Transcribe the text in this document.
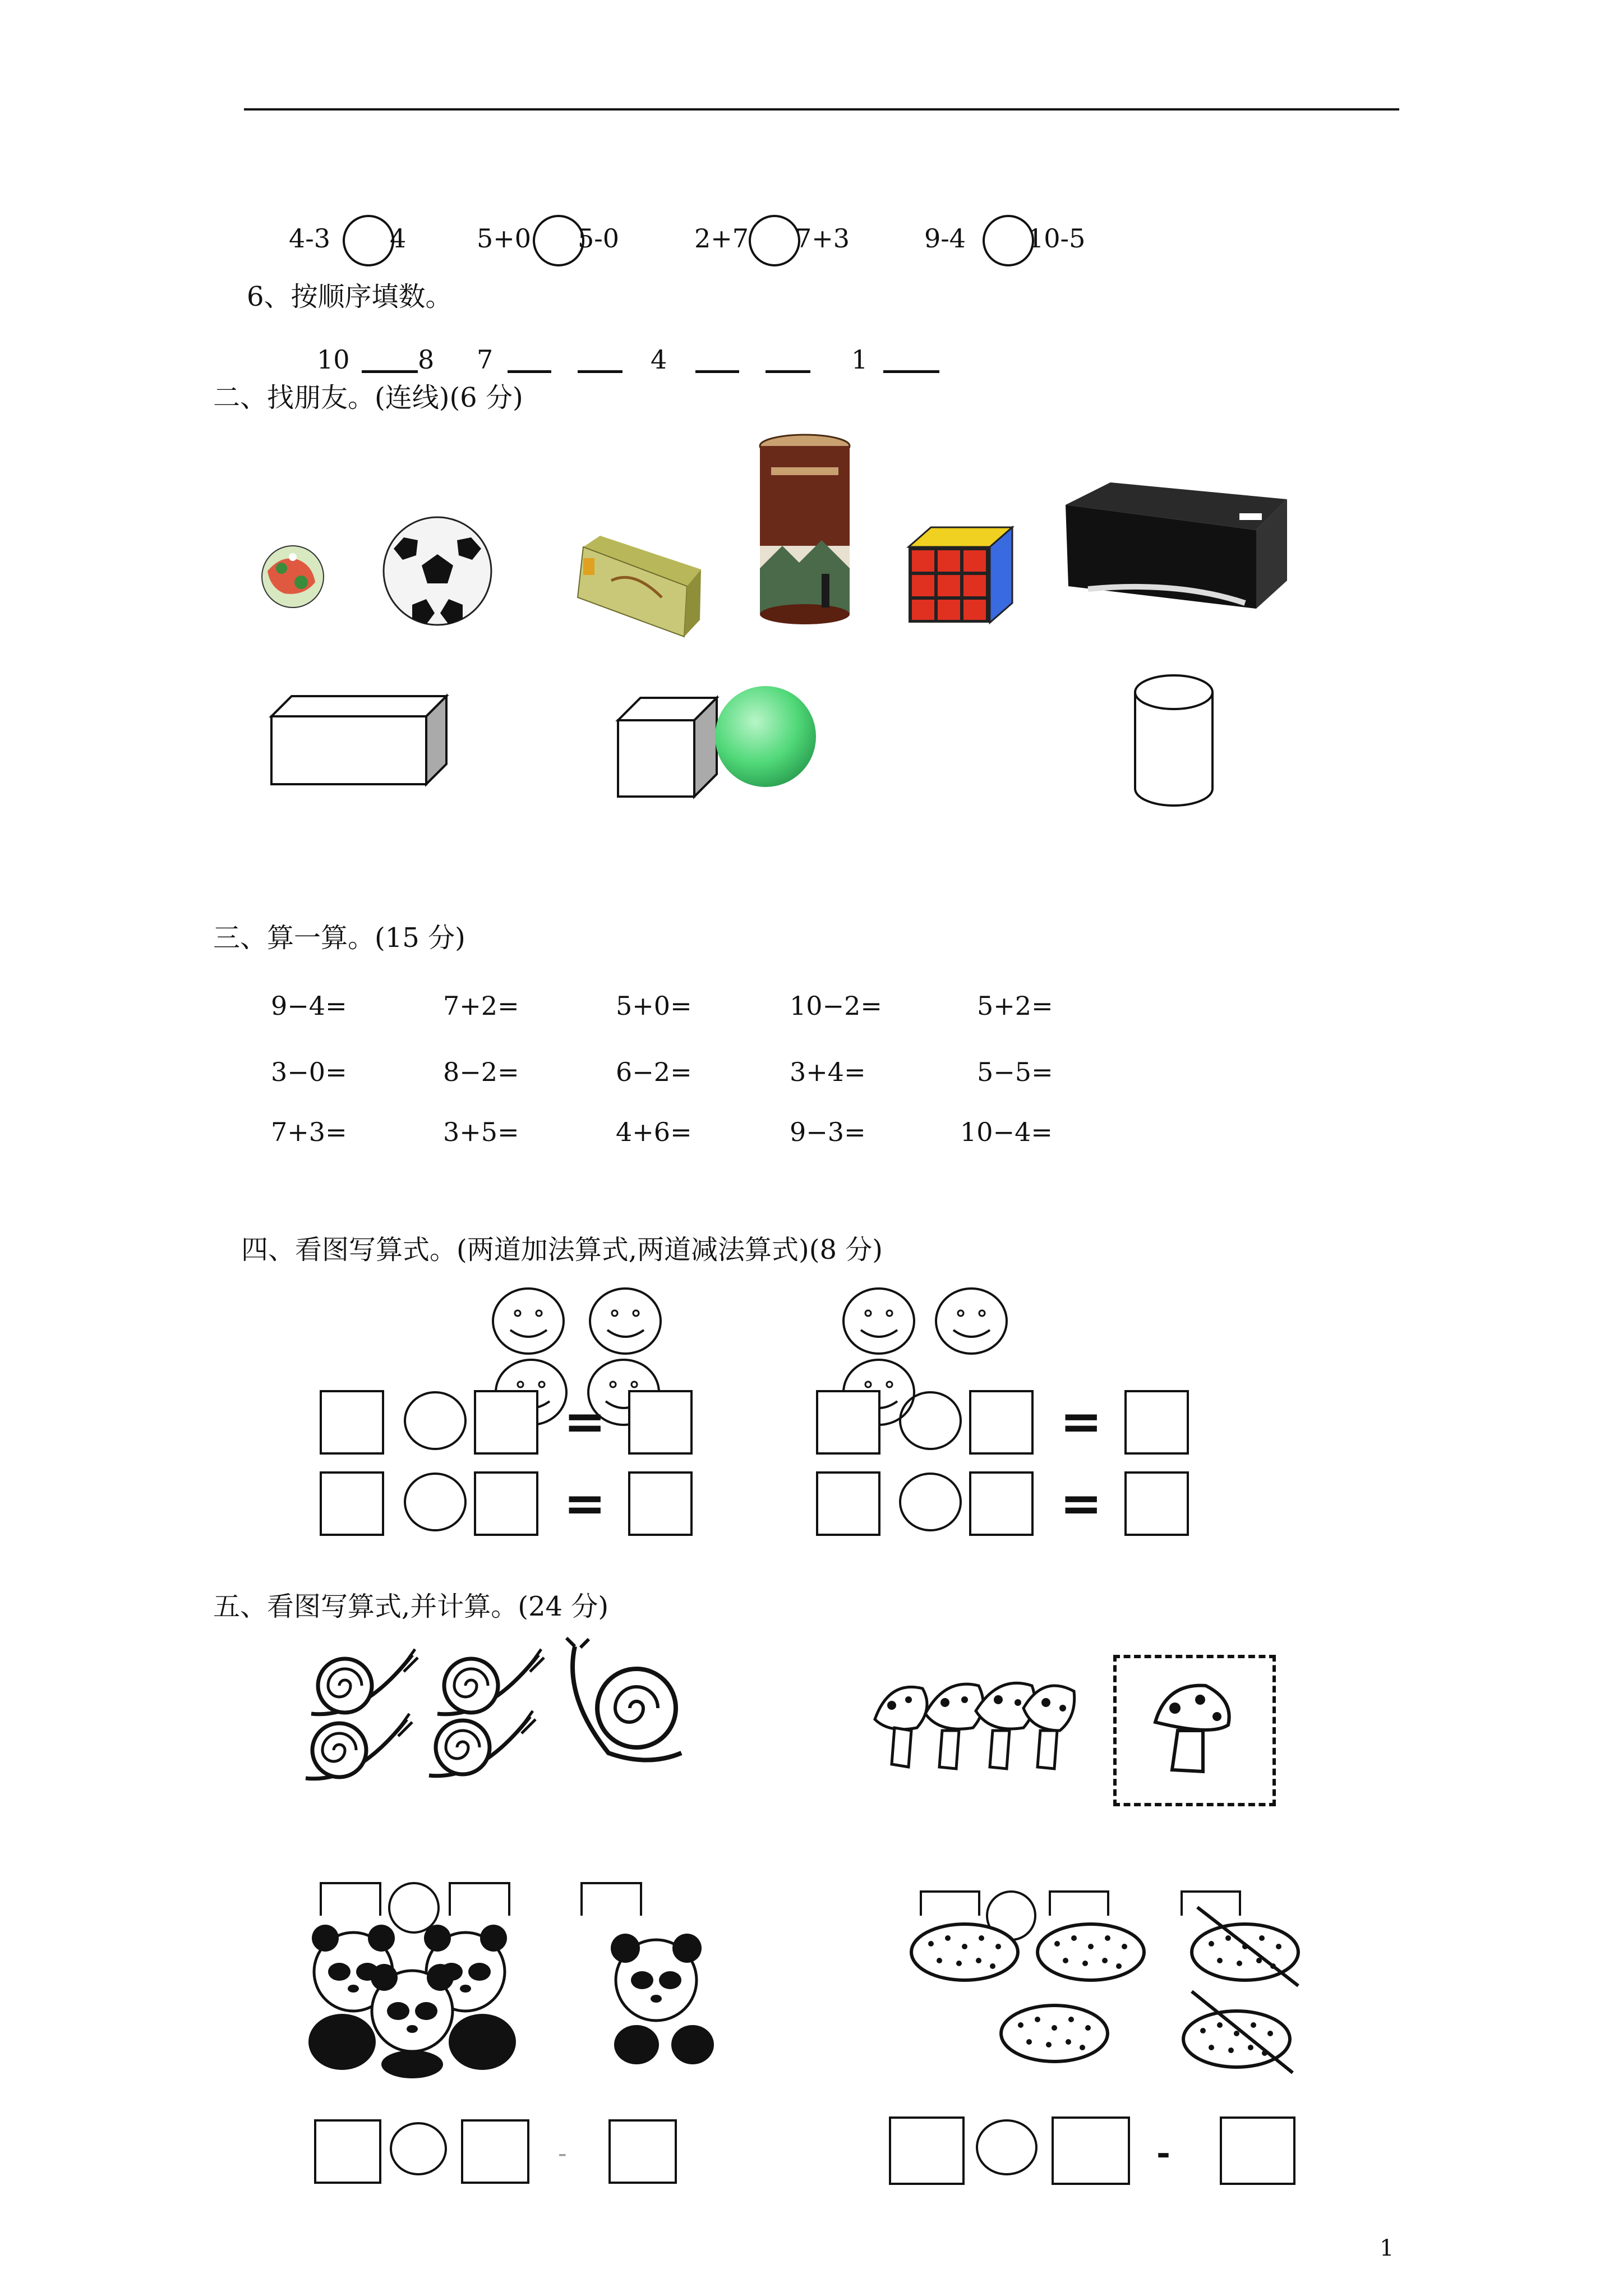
4-3 4	5+0 5-0	2+7 7+3	9-4 10-5
6、按顺序填数。
10	8 7	4	1
二、找朋友。(连线)(6 分)
三、算一算。(15 分)
9−4=	7+2=	5+0=	10−2=	5+2=
3−0=	8−2=	6−2=	3+4=	5−5=
7+3=	3+5=	4+6=	9−3=	10−4=
四、看图写算式。(两道加法算式,两道减法算式)(8 分)
=
=
=
=
五、看图写算式,并计算。(24 分)
-	-
1
